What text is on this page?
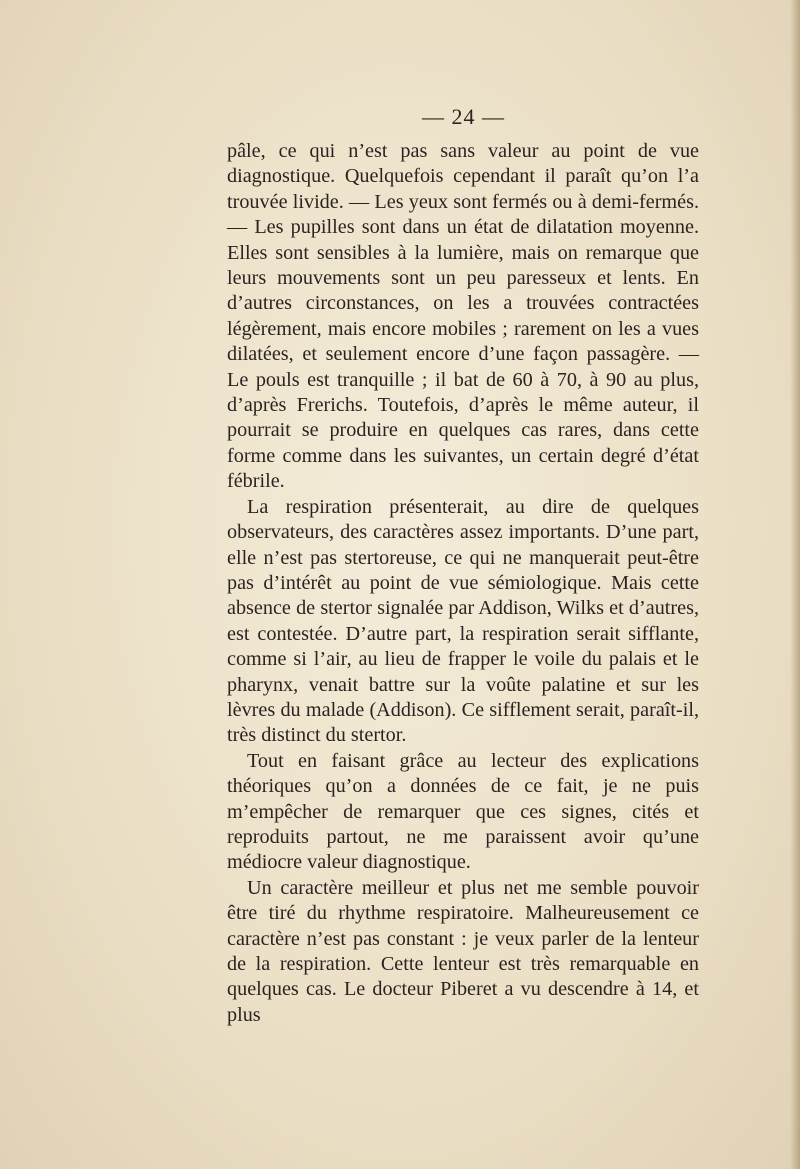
— 24 —

pâle, ce qui n’est pas sans valeur au point de vue diagnostique. Quelquefois cependant il paraît qu’on l’a trouvée livide. — Les yeux sont fermés ou à demi-fermés. — Les pupilles sont dans un état de dilatation moyenne. Elles sont sensibles à la lumière, mais on remarque que leurs mouvements sont un peu paresseux et lents. En d’autres circonstances, on les a trouvées contractées légèrement, mais encore mobiles ; rarement on les a vues dilatées, et seulement encore d’une façon passagère. — Le pouls est tranquille ; il bat de 60 à 70, à 90 au plus, d’après Frerichs. Toutefois, d’après le même auteur, il pourrait se produire en quelques cas rares, dans cette forme comme dans les suivantes, un certain degré d’état fébrile.

La respiration présenterait, au dire de quelques observateurs, des caractères assez importants. D’une part, elle n’est pas stertoreuse, ce qui ne manquerait peut-être pas d’intérêt au point de vue sémiologique. Mais cette absence de stertor signalée par Addison, Wilks et d’autres, est contestée. D’autre part, la respiration serait sifflante, comme si l’air, au lieu de frapper le voile du palais et le pharynx, venait battre sur la voûte palatine et sur les lèvres du malade (Addison). Ce sifflement serait, paraît-il, très distinct du stertor.

Tout en faisant grâce au lecteur des explications théoriques qu’on a données de ce fait, je ne puis m’empêcher de remarquer que ces signes, cités et reproduits partout, ne me paraissent avoir qu’une médiocre valeur diagnostique.

Un caractère meilleur et plus net me semble pouvoir être tiré du rhythme respiratoire. Malheureusement ce caractère n’est pas constant : je veux parler de la lenteur de la respiration. Cette lenteur est très remarquable en quelques cas. Le docteur Piberet a vu descendre à 14, et plus
